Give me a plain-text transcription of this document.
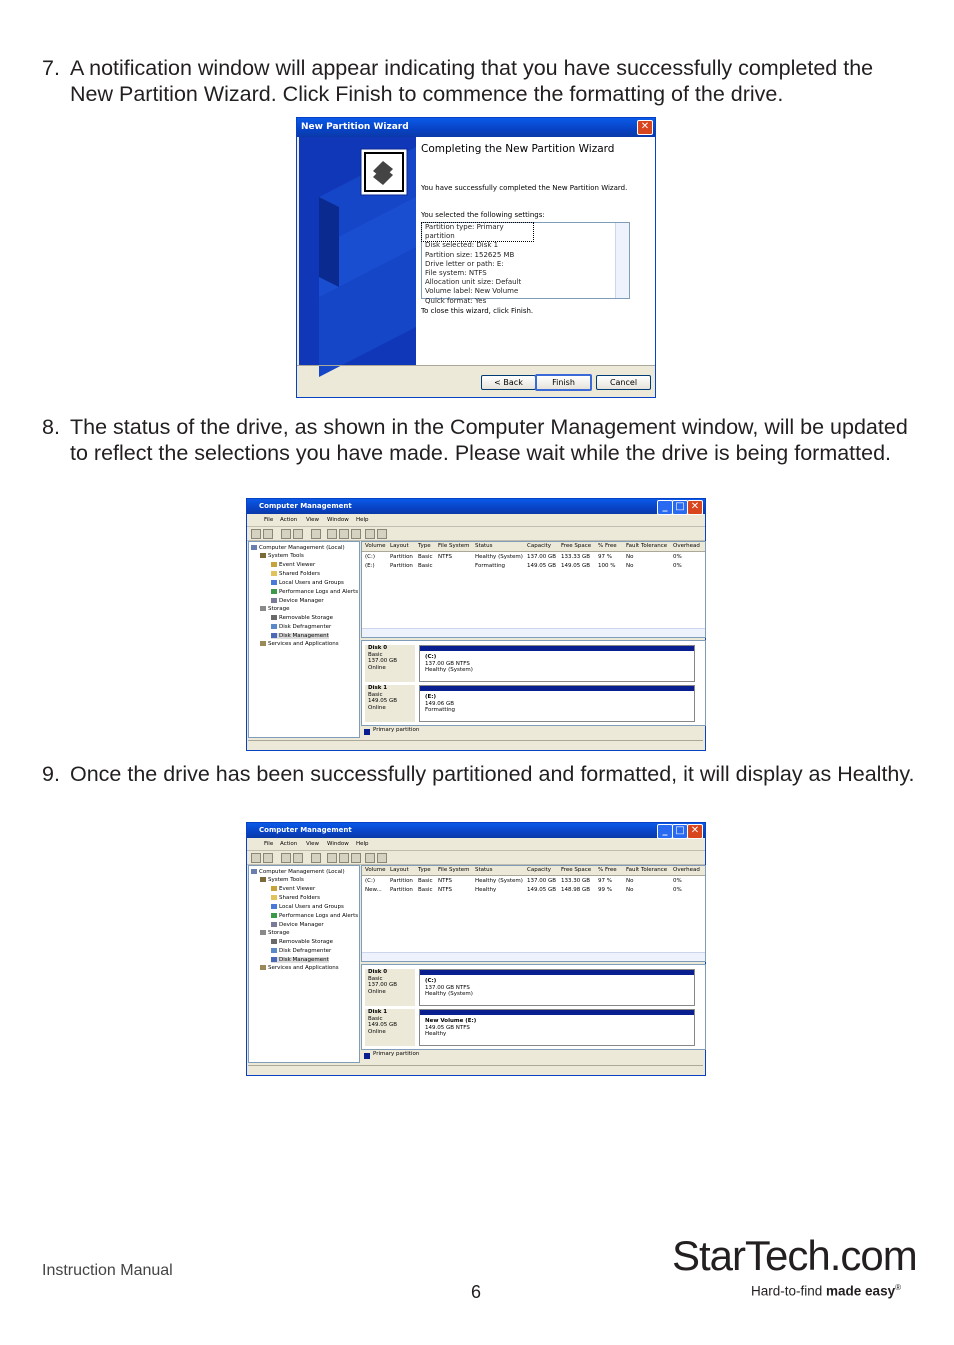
7. A notification window will appear indicating that you have successfully completed the New Partition Wizard. Click Finish to commence the formatting of the drive.
New Partition Wizard	✕
Completing the New Partition Wizard
You have successfully completed the New Partition Wizard.
You selected the following settings:
Partition type: Primary partition
Disk selected: Disk 1
Partition size: 152625 MB
Drive letter or path: E:
File system: NTFS
Allocation unit size: Default
Volume label: New Volume
Quick format: Yes
To close this wizard, click Finish.
< Back	Finish	Cancel
8. The status of the drive, as shown in the Computer Management window, will be updated to reflect the selections you have made. Please wait while the drive is being formatted.
Computer Management	_ □ ✕
File Action View Window Help
Computer Management (Local)
System Tools
Event Viewer
Shared Folders
Local Users and Groups
Performance Logs and Alerts
Device Manager
Storage
Removable Storage
Disk Defragmenter
Disk Management
Services and Applications
Volume Layout Type File System Status	Capacity Free Space % Free Fault Tolerance Overhead
(C:)	Partition Basic NTFS	Healthy (System) 137.00 GB 133.33 GB 97 %	No	0%
(E:)	Partition Basic	Formatting	149.05 GB 149.05 GB 100 % No	0%
Disk 0
Basic
137.00 GB
Online
(C:)
137.00 GB NTFS
Healthy (System)
Disk 1
Basic
149.05 GB
Online
(E:)
149.06 GB
Formatting
Primary partition
9. Once the drive has been successfully partitioned and formatted, it will display as Healthy.
Computer Management	_ □ ✕
File Action View Window Help
Computer Management (Local)
System Tools
Event Viewer
Shared Folders
Local Users and Groups
Performance Logs and Alerts
Device Manager
Storage
Removable Storage
Disk Defragmenter
Disk Management
Services and Applications
Volume Layout Type File System Status	Capacity Free Space % Free Fault Tolerance Overhead
(C:)	Partition Basic NTFS	Healthy (System) 137.00 GB 133.30 GB 97 %	No	0%
New... Partition Basic NTFS	Healthy	149.05 GB 148.98 GB 99 %	No	0%
Disk 0
Basic
137.00 GB
Online
(C:)
137.00 GB NTFS
Healthy (System)
Disk 1
Basic
149.05 GB
Online
New Volume (E:)
149.05 GB NTFS
Healthy
Primary partition
Instruction Manual
6
StarTech.com
Hard-to-find made easy®
